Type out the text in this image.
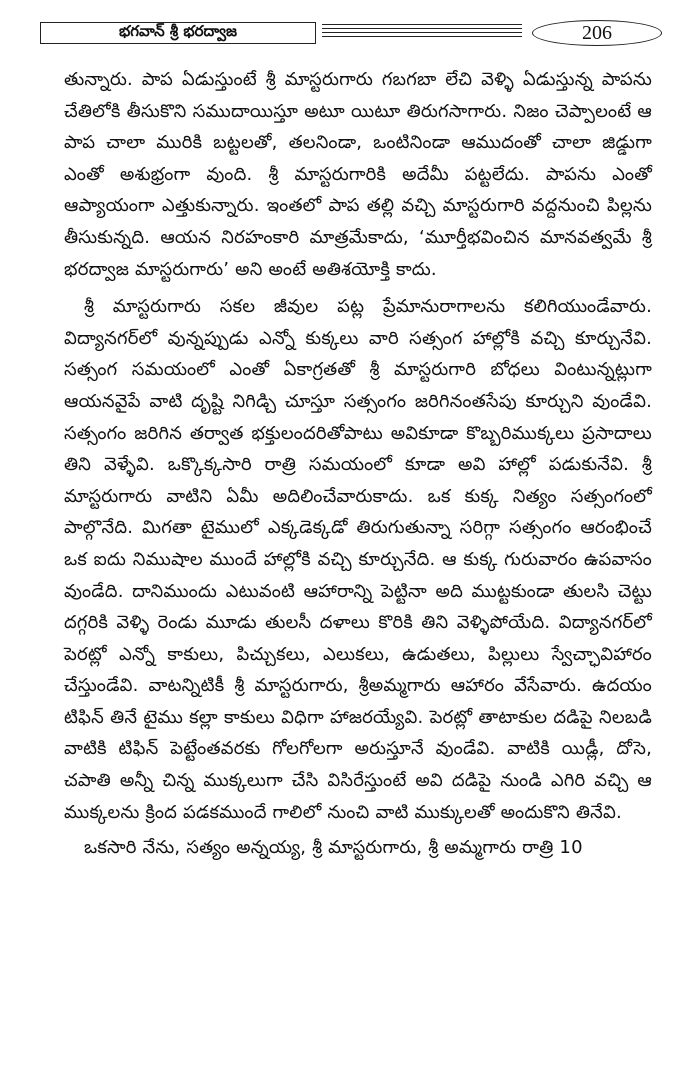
భగవాన్ శ్రీ భరద్వాజ	206

తున్నారు. పాప ఏడుస్తుంటే శ్రీ మాస్టరుగారు గబగబా లేచి వెళ్ళి ఏడుస్తున్న పాపను చేతిలోకి తీసుకొని సముదాయిస్తూ అటూ యిటూ తిరుగసాగారు. నిజం చెప్పాలంటే ఆ పాప చాలా మురికి బట్టలతో, తలనిండా, ఒంటినిండా ఆముదంతో చాలా జిడ్డుగా ఎంతో అశుభ్రంగా వుంది. శ్రీ మాస్టరుగారికి అదేమీ పట్టలేదు. పాపను ఎంతో ఆప్యాయంగా ఎత్తుకున్నారు. ఇంతలో పాప తల్లి వచ్చి మాస్టరుగారి వద్దనుంచి పిల్లను తీసుకున్నది. ఆయన నిరహంకారి మాత్రమేకాదు, ‘మూర్తీభవించిన మానవత్వమే శ్రీ భరద్వాజ మాస్టరుగారు’ అని అంటే అతిశయోక్తి కాదు.

శ్రీ మాస్టరుగారు సకల జీవుల పట్ల ప్రేమానురాగాలను కలిగియుండేవారు. విద్యానగర్‌లో వున్నప్పుడు ఎన్నో కుక్కలు వారి సత్సంగ హాల్లోకి వచ్చి కూర్చునేవి. సత్సంగ సమయంలో ఎంతో ఏకాగ్రతతో శ్రీ మాస్టరుగారి బోధలు వింటున్నట్లుగా ఆయనవైపే వాటి దృష్టి నిగిడ్చి చూస్తూ సత్సంగం జరిగినంతసేపు కూర్చుని వుండేవి. సత్సంగం జరిగిన తర్వాత భక్తులందరితోపాటు అవికూడా కొబ్బరిముక్కలు ప్రసాదాలు తిని వెళ్ళేవి. ఒక్కొక్కసారి రాత్రి సమయంలో కూడా అవి హాల్లో పడుకునేవి. శ్రీ మాస్టరుగారు వాటిని ఏమీ అదిలించేవారుకాదు. ఒక కుక్క నిత్యం సత్సంగంలో పాల్గొనేది. మిగతా టైములో ఎక్కడెక్కడో తిరుగుతున్నా సరిగ్గా సత్సంగం ఆరంభించే ఒక ఐదు నిముషాల ముందే హాల్లోకి వచ్చి కూర్చునేది. ఆ కుక్క గురువారం ఉపవాసం వుండేది. దానిముందు ఎటువంటి ఆహారాన్ని పెట్టినా అది ముట్టకుండా తులసి చెట్టు దగ్గరికి వెళ్ళి రెండు మూడు తులసీ దళాలు కొరికి తిని వెళ్ళిపోయేది. విద్యానగర్‌లో పెరట్లో ఎన్నో కాకులు, పిచ్చుకలు, ఎలుకలు, ఉడుతలు, పిల్లులు స్వేచ్ఛావిహారం చేస్తుండేవి. వాటన్నిటికీ శ్రీ మాస్టరుగారు, శ్రీఅమ్మగారు ఆహారం వేసేవారు. ఉదయం టిఫిన్ తినే టైము కల్లా కాకులు విధిగా హాజరయ్యేవి. పెరట్లో తాటాకుల దడిపై నిలబడి వాటికి టిఫిన్ పెట్టేంతవరకు గోలగోలగా అరుస్తూనే వుండేవి. వాటికి యిడ్లీ, దోసె, చపాతి అన్నీ చిన్న ముక్కలుగా చేసి విసిరేస్తుంటే అవి దడిపై నుండి ఎగిరి వచ్చి ఆ ముక్కలను క్రింద పడకముందే గాలిలో నుంచి వాటి ముక్కులతో అందుకొని తినేవి.

ఒకసారి నేను, సత్యం అన్నయ్య, శ్రీ మాస్టరుగారు, శ్రీ అమ్మగారు రాత్రి 10
